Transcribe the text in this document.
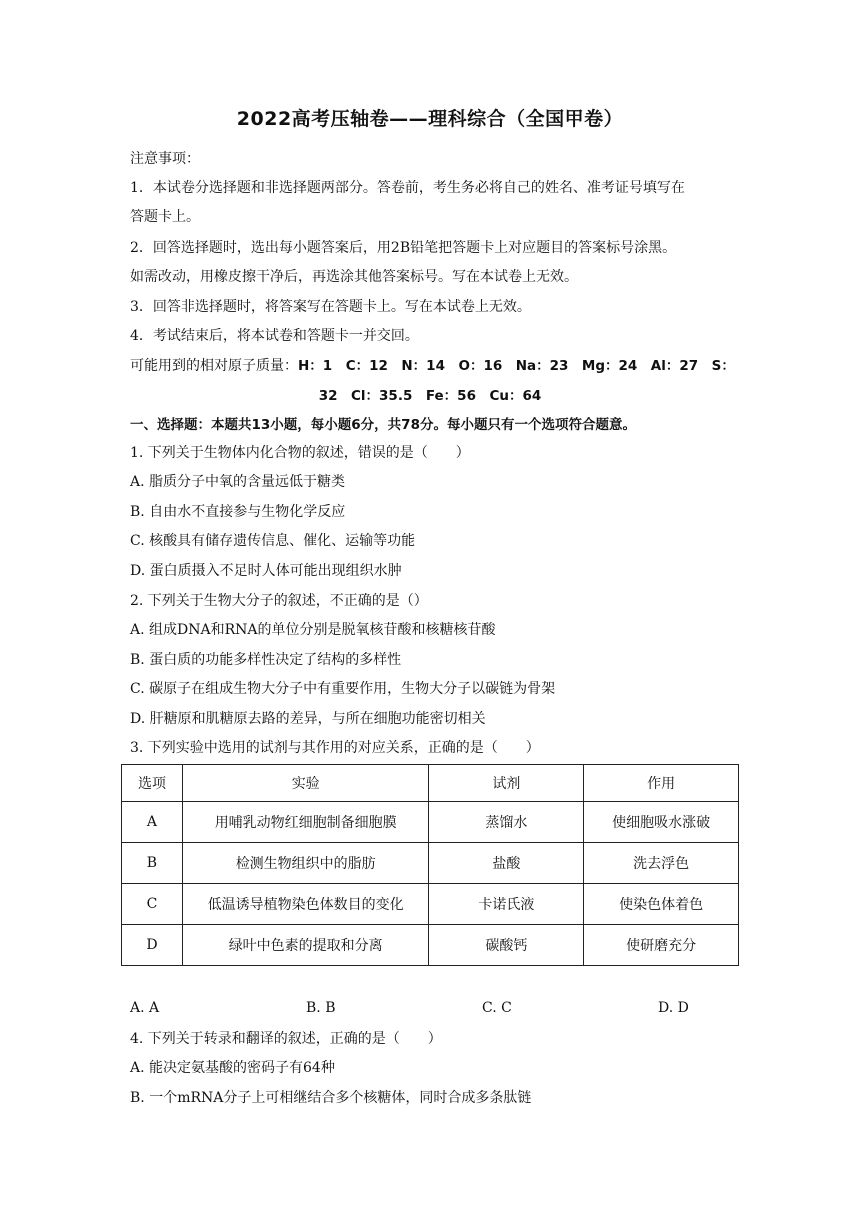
2022高考压轴卷——理科综合（全国甲卷）
注意事项：
1．本试卷分选择题和非选择题两部分。答卷前，考生务必将自己的姓名、准考证号填写在
答题卡上。
2．回答选择题时，选出每小题答案后，用2B铅笔把答题卡上对应题目的答案标号涂黑。
如需改动，用橡皮擦干净后，再选涂其他答案标号。写在本试卷上无效。
3．回答非选择题时，将答案写在答题卡上。写在本试卷上无效。
4．考试结束后，将本试卷和答题卡一并交回。
可能用到的相对原子质量：H：1　C：12　N：14　O：16　Na：23　Mg：24　Al：27　S：
32　Cl：35.5　Fe：56　Cu：64
一、选择题：本题共13小题，每小题6分，共78分。每小题只有一个选项符合题意。
1. 下列关于生物体内化合物的叙述，错误的是（　　）
A. 脂质分子中氧的含量远低于糖类
B. 自由水不直接参与生物化学反应
C. 核酸具有储存遗传信息、催化、运输等功能
D. 蛋白质摄入不足时人体可能出现组织水肿
2. 下列关于生物大分子的叙述，不正确的是（）
A. 组成DNA和RNA的单位分别是脱氧核苷酸和核糖核苷酸
B. 蛋白质的功能多样性决定了结构的多样性
C. 碳原子在组成生物大分子中有重要作用，生物大分子以碳链为骨架
D. 肝糖原和肌糖原去路的差异，与所在细胞功能密切相关
3. 下列实验中选用的试剂与其作用的对应关系，正确的是（　　）
选项	实验	试剂	作用
A	用哺乳动物红细胞制备细胞膜	蒸馏水	使细胞吸水涨破
B	检测生物组织中的脂肪	盐酸	洗去浮色
C	低温诱导植物染色体数目的变化	卡诺氏液	使染色体着色
D	绿叶中色素的提取和分离	碳酸钙	使研磨充分
A. A	B. B	C. C	D. D
4. 下列关于转录和翻译的叙述，正确的是（　　）
A. 能决定氨基酸的密码子有64种
B. 一个mRNA分子上可相继结合多个核糖体，同时合成多条肽链
